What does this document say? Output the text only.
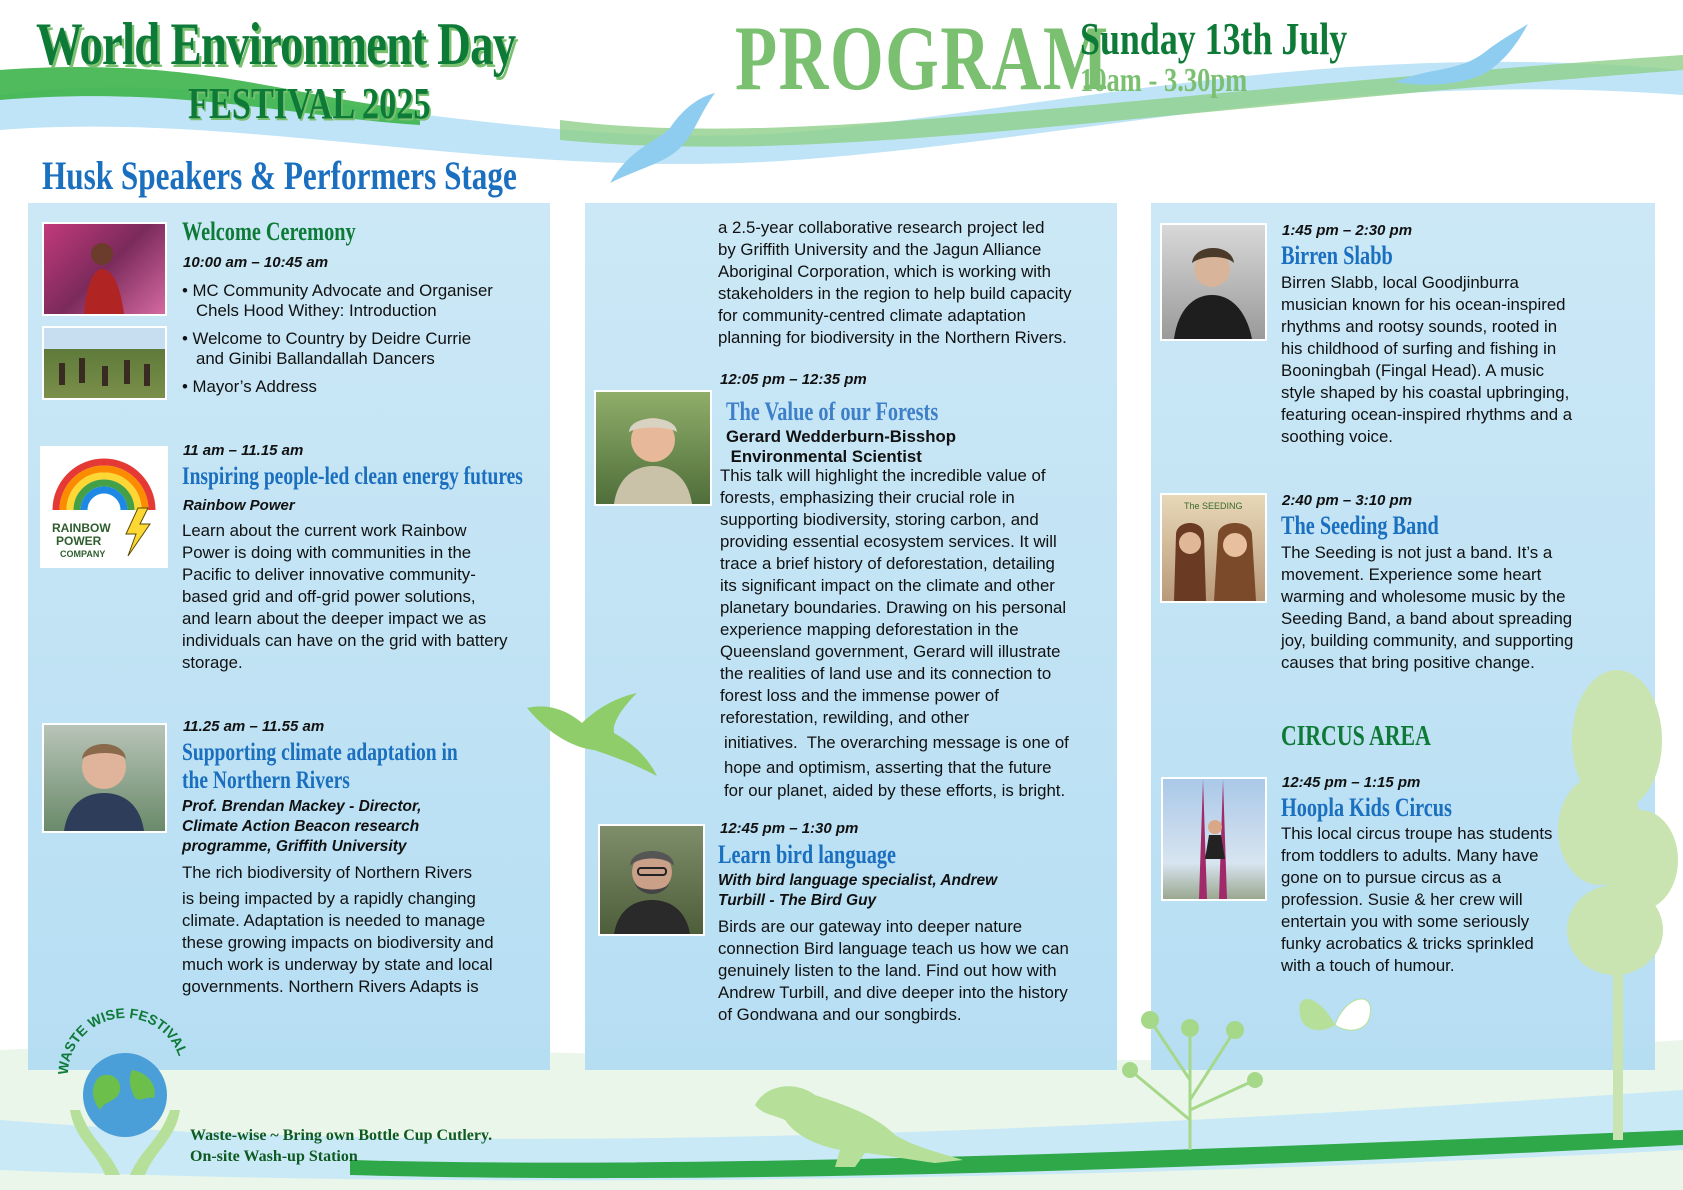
World Environment Day
FESTIVAL 2025	PROGRAM
Sunday 13th July
10am - 3.30pm
Husk Speakers & Performers Stage
Welcome Ceremony
10:00 am – 10:45 am
• MC Community Advocate and Organiser
Chels Hood Withey: Introduction
• Welcome to Country by Deidre Currie
and Ginibi Ballandallah Dancers
• Mayor’s Address
RAINBOW
POWER
COMPANY
11 am – 11.15 am
Inspiring people-led clean energy futures
Rainbow Power
Learn about the current work Rainbow
Power is doing with communities in the
Pacific to deliver innovative community-
based grid and off-grid power solutions,
and learn about the deeper impact we as
individuals can have on the grid with battery
storage.
11.25 am – 11.55 am
Supporting climate adaptation in
the Northern Rivers
Prof. Brendan Mackey - Director,
Climate Action Beacon research
programme, Griffith University
The rich biodiversity of Northern Rivers
is being impacted by a rapidly changing
climate. Adaptation is needed to manage
these growing impacts on biodiversity and
much work is underway by state and local
governments. Northern Rivers Adapts is
a 2.5-year collaborative research project led
by Griffith University and the Jagun Alliance
Aboriginal Corporation, which is working with
stakeholders in the region to help build capacity
for community-centred climate adaptation
planning for biodiversity in the Northern Rivers.
12:05 pm – 12:35 pm
The Value of our Forests
Gerard Wedderburn-Bisshop
Environmental Scientist
This talk will highlight the incredible value of
forests, emphasizing their crucial role in
supporting biodiversity, storing carbon, and
providing essential ecosystem services. It will
trace a brief history of deforestation, detailing
its significant impact on the climate and other
planetary boundaries. Drawing on his personal
experience mapping deforestation in the
Queensland government, Gerard will illustrate
the realities of land use and its connection to
forest loss and the immense power of
reforestation, rewilding, and other
initiatives.  The overarching message is one of
hope and optimism, asserting that the future
for our planet, aided by these efforts, is bright.
12:45 pm – 1:30 pm
Learn bird language
With bird language specialist, Andrew
Turbill - The Bird Guy
Birds are our gateway into deeper nature
connection Bird language teach us how we can
genuinely listen to the land. Find out how with
Andrew Turbill, and dive deeper into the history
of Gondwana and our songbirds.
1:45 pm – 2:30 pm
Birren Slabb
Birren Slabb, local Goodjinburra
musician known for his ocean-inspired
rhythms and rootsy sounds, rooted in
his childhood of surfing and fishing in
Booningbah (Fingal Head). A music
style shaped by his coastal upbringing,
featuring ocean-inspired rhythms and a
soothing voice.
The SEEDING	2:40 pm – 3:10 pm
The Seeding Band
The Seeding is not just a band. It’s a
movement. Experience some heart
warming and wholesome music by the
Seeding Band, a band about spreading
joy, building community, and supporting
causes that bring positive change.
CIRCUS AREA
12:45 pm – 1:15 pm
Hoopla Kids Circus
This local circus troupe has students
from toddlers to adults. Many have
gone on to pursue circus as a
profession. Susie & her crew will
entertain you with some seriously
funky acrobatics & tricks sprinkled
with a touch of humour.
WASTE WISE FESTIVAL
Waste-wise ~ Bring own Bottle Cup Cutlery.
On-site Wash-up Station
